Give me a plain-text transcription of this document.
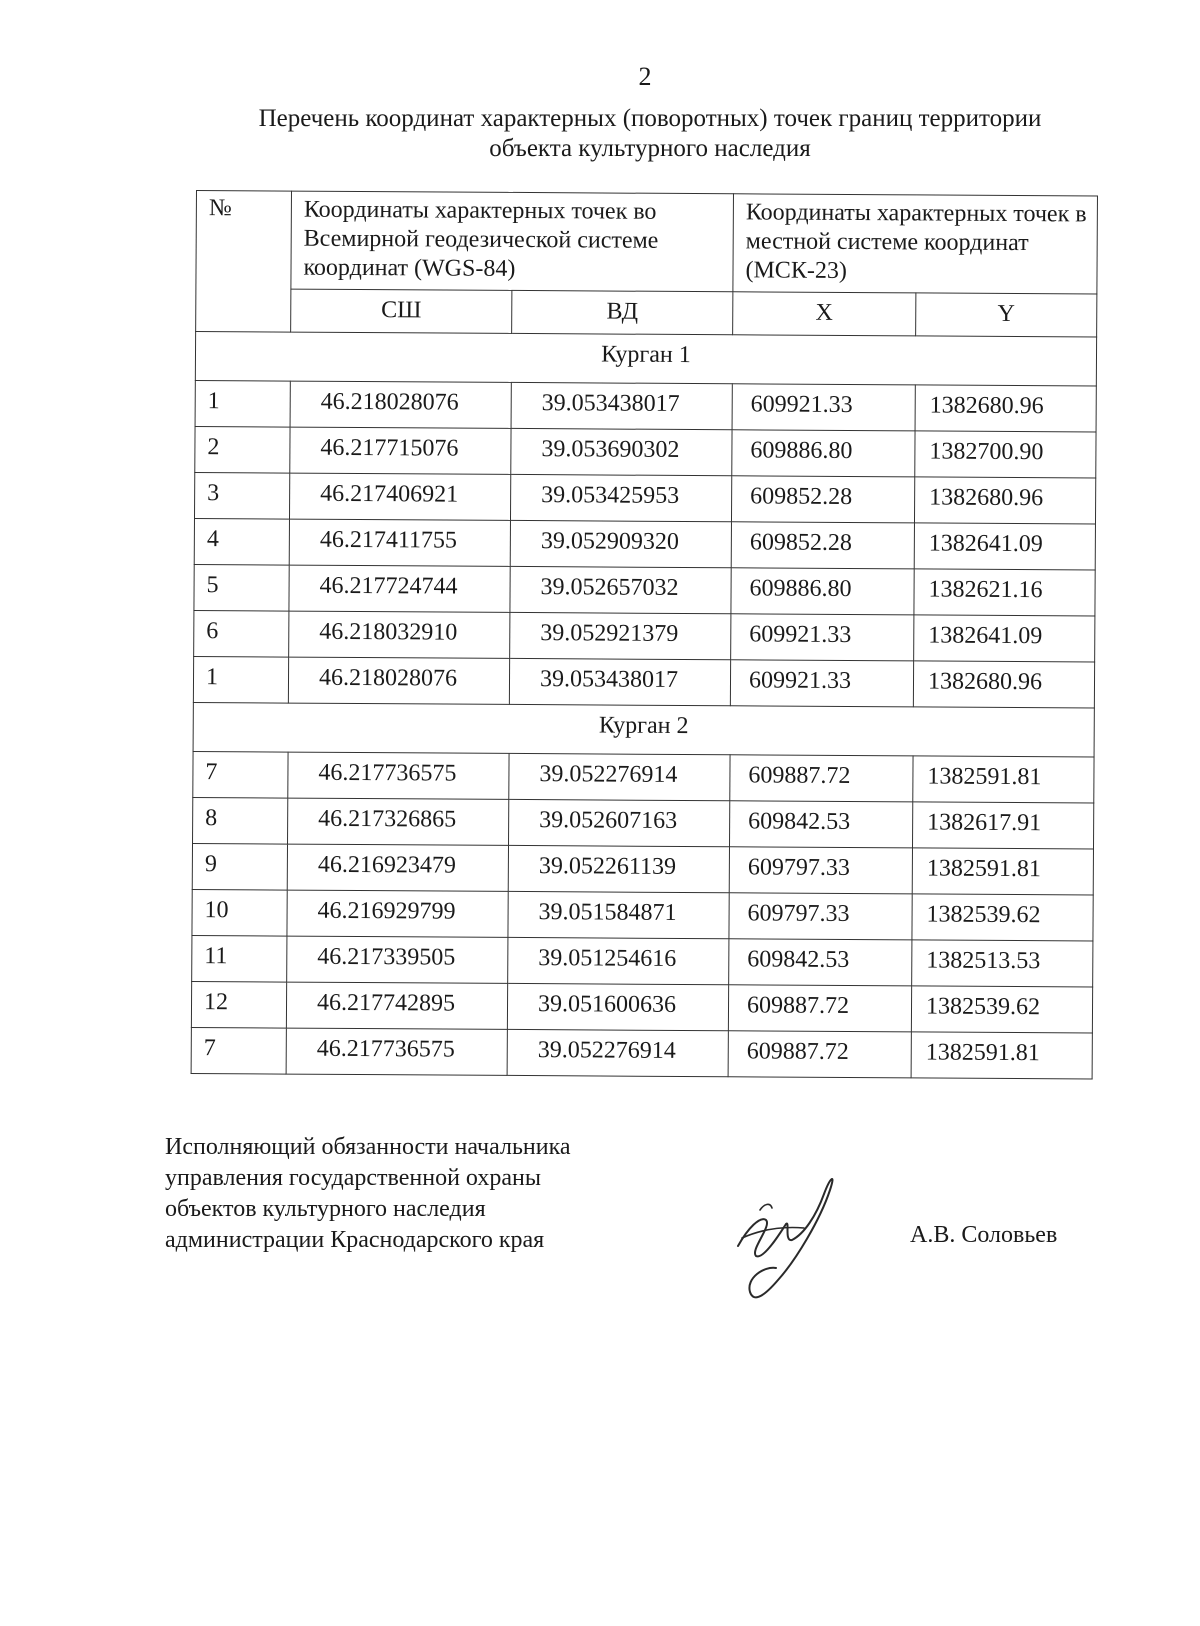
2
Перечень координат характерных (поворотных) точек границ территории
объекта культурного наследия
№	Координаты характерных точек во Всемирной геодезической системе координат (WGS-84)		Координаты характерных точек в местной системе координат (МСК-23)	
	СШ	ВД	X	Y
Курган 1				
1	46.218028076	39.053438017	609921.33	1382680.96
2	46.217715076	39.053690302	609886.80	1382700.90
3	46.217406921	39.053425953	609852.28	1382680.96
4	46.217411755	39.052909320	609852.28	1382641.09
5	46.217724744	39.052657032	609886.80	1382621.16
6	46.218032910	39.052921379	609921.33	1382641.09
1	46.218028076	39.053438017	609921.33	1382680.96
Курган 2				
7	46.217736575	39.052276914	609887.72	1382591.81
8	46.217326865	39.052607163	609842.53	1382617.91
9	46.216923479	39.052261139	609797.33	1382591.81
10	46.216929799	39.051584871	609797.33	1382539.62
11	46.217339505	39.051254616	609842.53	1382513.53
12	46.217742895	39.051600636	609887.72	1382539.62
7	46.217736575	39.052276914	609887.72	1382591.81
Исполняющий обязанности начальника
управления государственной охраны
объектов культурного наследия
администрации Краснодарского края	А.В. Соловьев
